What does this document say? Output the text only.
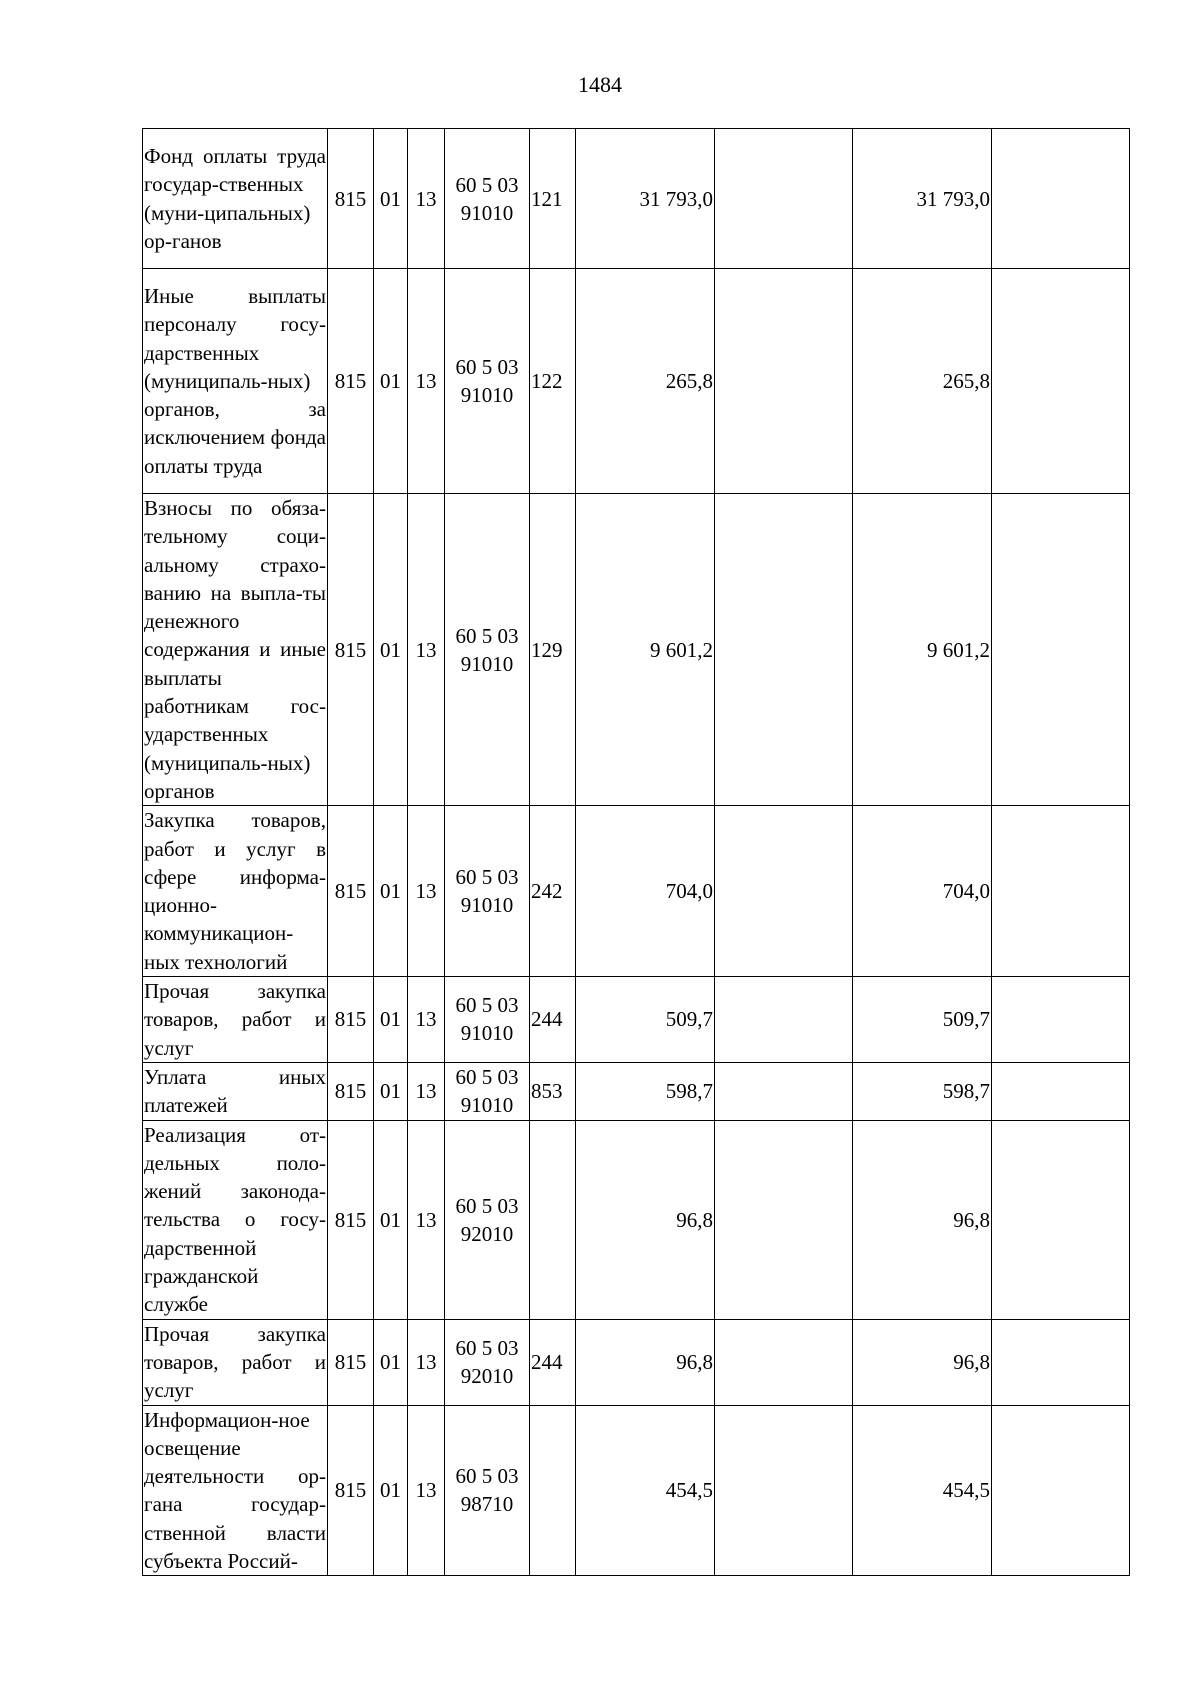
1484
Фонд оплаты труда государ-ственных (муни-ципальных) ор-ганов	815	01	13	60 5 03
91010	121	31 793,0		31 793,0	
Иные выплаты персоналу госу-дарственных (муниципаль-ных) органов, за исключением фонда оплаты труда	815	01	13	60 5 03
91010	122	265,8		265,8	
Взносы по обяза-тельному соци-альному страхо-ванию на выпла-ты денежного содержания и иные выплаты работникам гос-ударственных (муниципаль-ных) органов	815	01	13	60 5 03
91010	129	9 601,2		9 601,2	
Закупка товаров, работ и услуг в сфере информа-ционно-коммуникацион-ных технологий	815	01	13	60 5 03
91010	242	704,0		704,0	
Прочая закупка товаров, работ и услуг	815	01	13	60 5 03
91010	244	509,7		509,7	
Уплата иных платежей	815	01	13	60 5 03
91010	853	598,7		598,7	
Реализация от-дельных поло-жений законода-тельства о госу-дарственной гражданской службе	815	01	13	60 5 03
92010		96,8		96,8	
Прочая закупка товаров, работ и услуг	815	01	13	60 5 03
92010	244	96,8		96,8	
Информацион-ное освещение деятельности ор-гана государ-ственной власти субъекта Россий-	815	01	13	60 5 03
98710		454,5		454,5	
